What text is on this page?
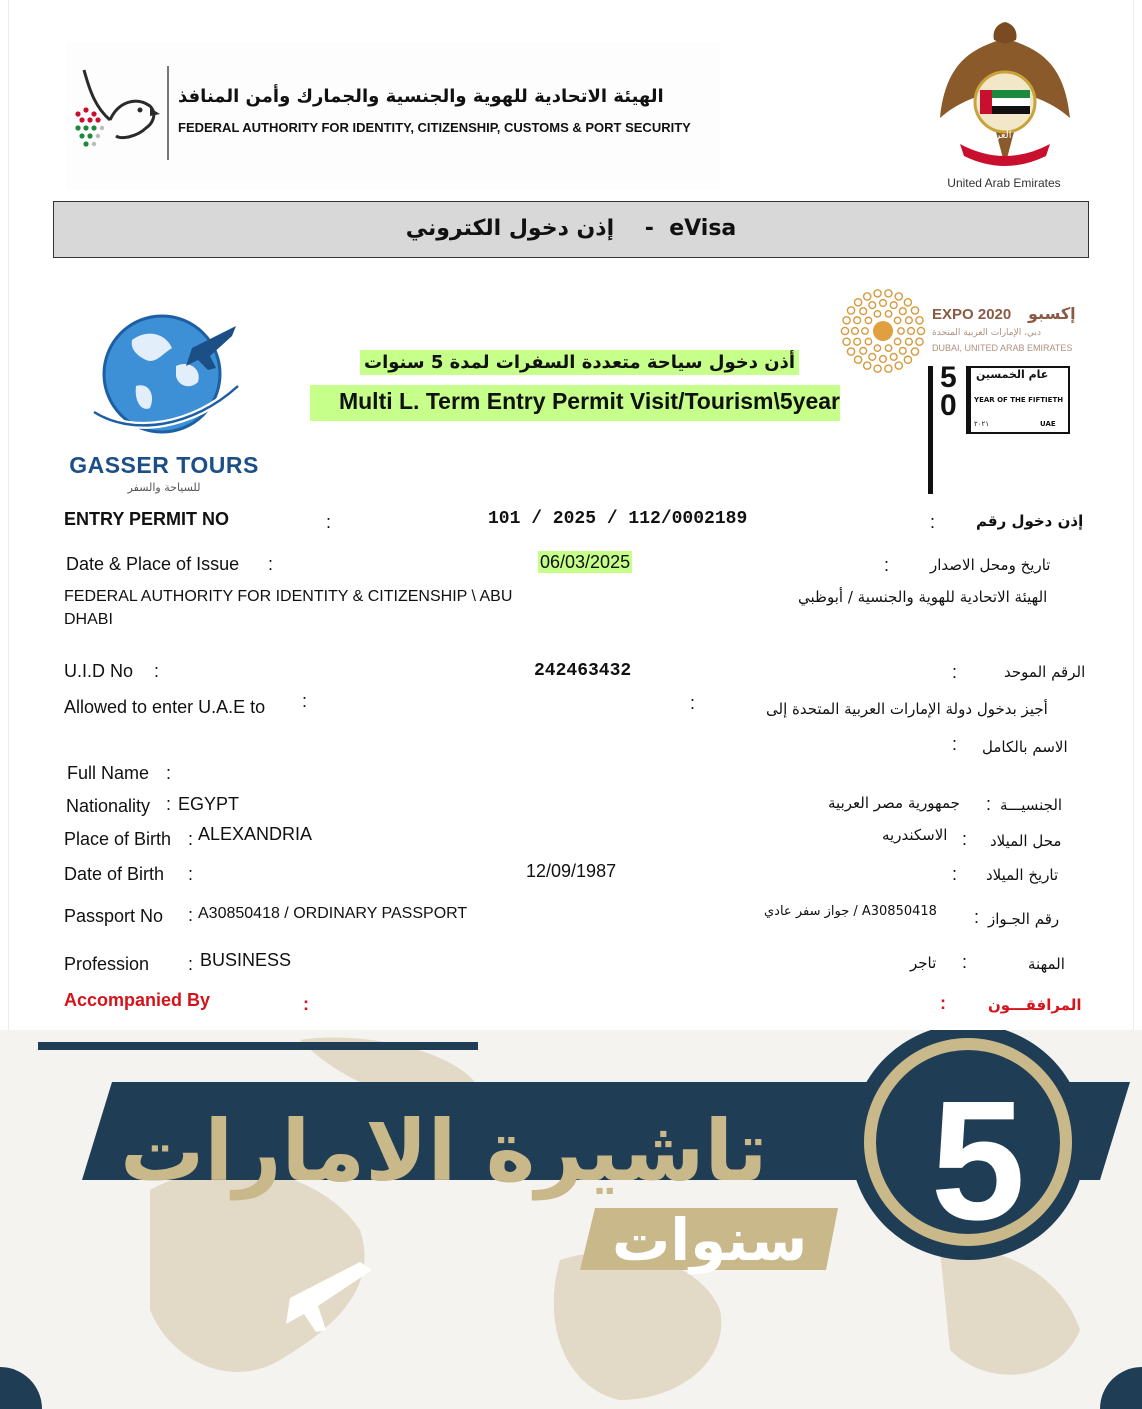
الهيئة الاتحادية للهوية والجنسية والجمارك وأمن المنافذ
FEDERAL AUTHORITY FOR IDENTITY, CITIZENSHIP, CUSTOMS & PORT SECURITY
الإمارات العربية المتحدة
United Arab Emirates
إذن دخول الكتروني    -  eVisa
GASSER TOURS
للسياحة والسفر
أذن دخول سياحة متعددة السفرات لمدة 5 سنوات
Multi L. Term Entry Permit Visit/Tourism\5year
EXPO 2020 إكسبو
دبي، الإمارات العربية المتحدة
DUBAI, UNITED ARAB EMIRATES
50
عام الخمسين
YEAR OF THE FIFTIETH
٢٠٢١	UAE
ENTRY PERMIT NO	:	101 / 2025 / 112/0002189	:	إذن دخول رقم
Date & Place of Issue :	06/03/2025	:	تاريخ ومحل الاصدار
FEDERAL AUTHORITY FOR IDENTITY & CITIZENSHIP \ ABU
DHABI
الهيئة الاتحادية للهوية والجنسية / أبوظبي
U.I.D No :	242463432	:	الرقم الموحد
Allowed to enter U.A.E to :	:	أجيز بدخول دولة الإمارات العربية المتحدة إلى
: الاسم بالكامل
Full Name :
Nationality : EGYPT	جمهورية مصر العربية : الجنسيـــة
Place of Birth : ALEXANDRIA	الاسكندريه : محل الميلاد
Date of Birth :	12/09/1987	: تاريخ الميلاد
Passport No : A30850418 / ORDINARY PASSPORT	A30850418 / جواز سفر عادي : رقم الجـواز
Profession : BUSINESS	تاجر :	المهنة
Accompanied By	:	:	المرافقـــون
تاشيرة الامارات
سنوات 5
